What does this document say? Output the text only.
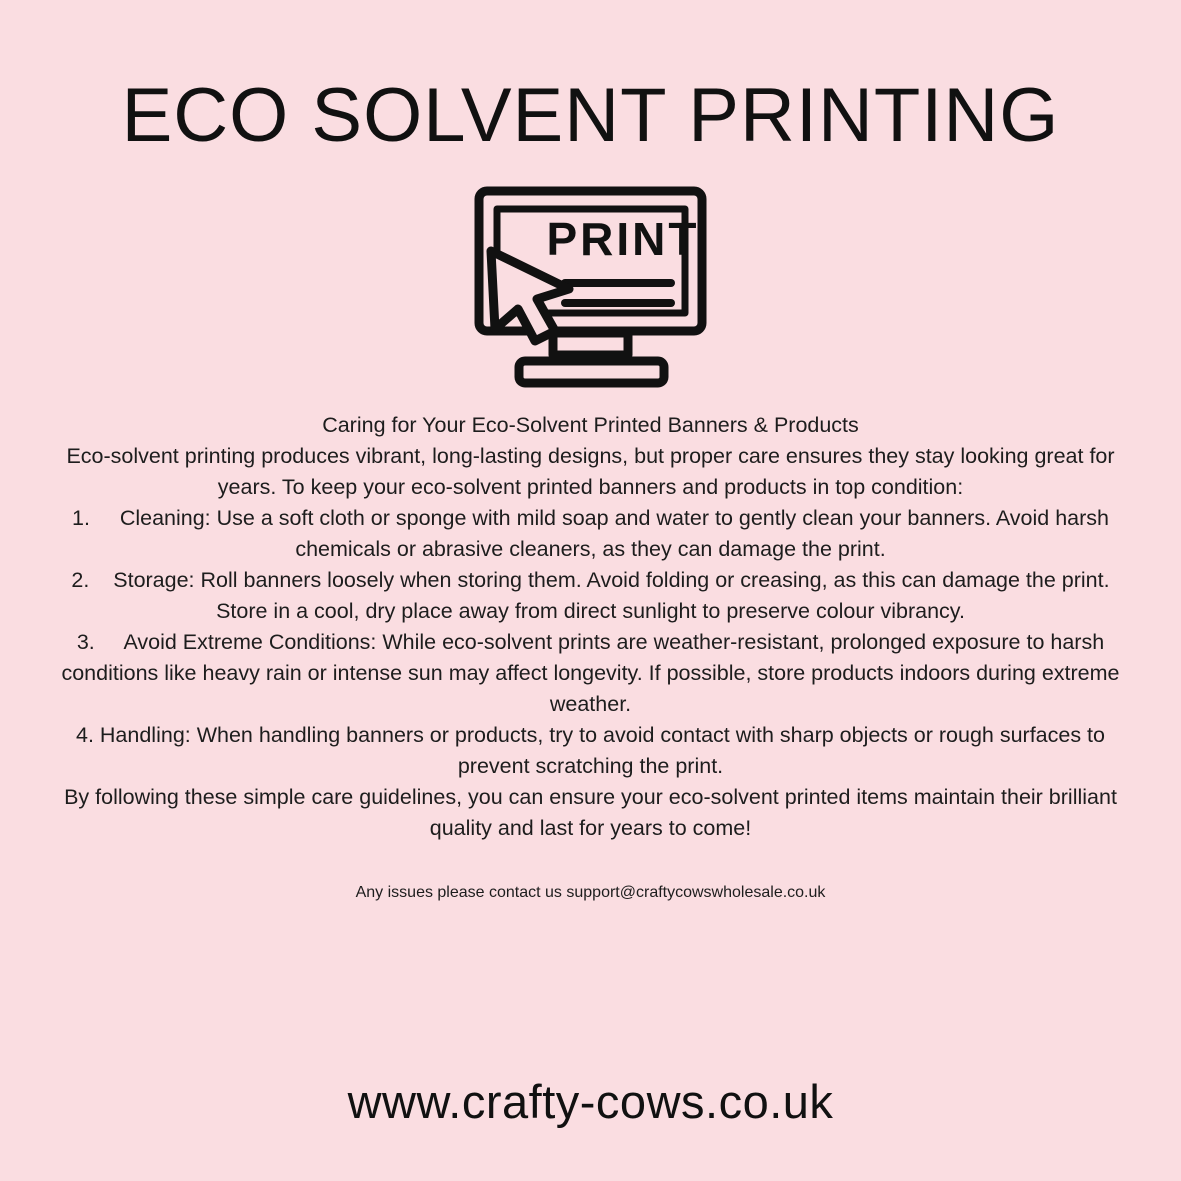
ECO SOLVENT PRINTING
PRINT

Caring for Your Eco-Solvent Printed Banners & Products

Eco-solvent printing produces vibrant, long-lasting designs, but proper care ensures they stay looking great for years. To keep your eco-solvent printed banners and products in top condition:

1. Cleaning: Use a soft cloth or sponge with mild soap and water to gently clean your banners. Avoid harsh chemicals or abrasive cleaners, as they can damage the print.

2. Storage: Roll banners loosely when storing them. Avoid folding or creasing, as this can damage the print. Store in a cool, dry place away from direct sunlight to preserve colour vibrancy.

3. Avoid Extreme Conditions: While eco-solvent prints are weather-resistant, prolonged exposure to harsh conditions like heavy rain or intense sun may affect longevity. If possible, store products indoors during extreme weather.

4. Handling: When handling banners or products, try to avoid contact with sharp objects or rough surfaces to prevent scratching the print.

By following these simple care guidelines, you can ensure your eco-solvent printed items maintain their brilliant quality and last for years to come!

Any issues please contact us support@craftycowswholesale.co.uk
www.crafty-cows.co.uk
